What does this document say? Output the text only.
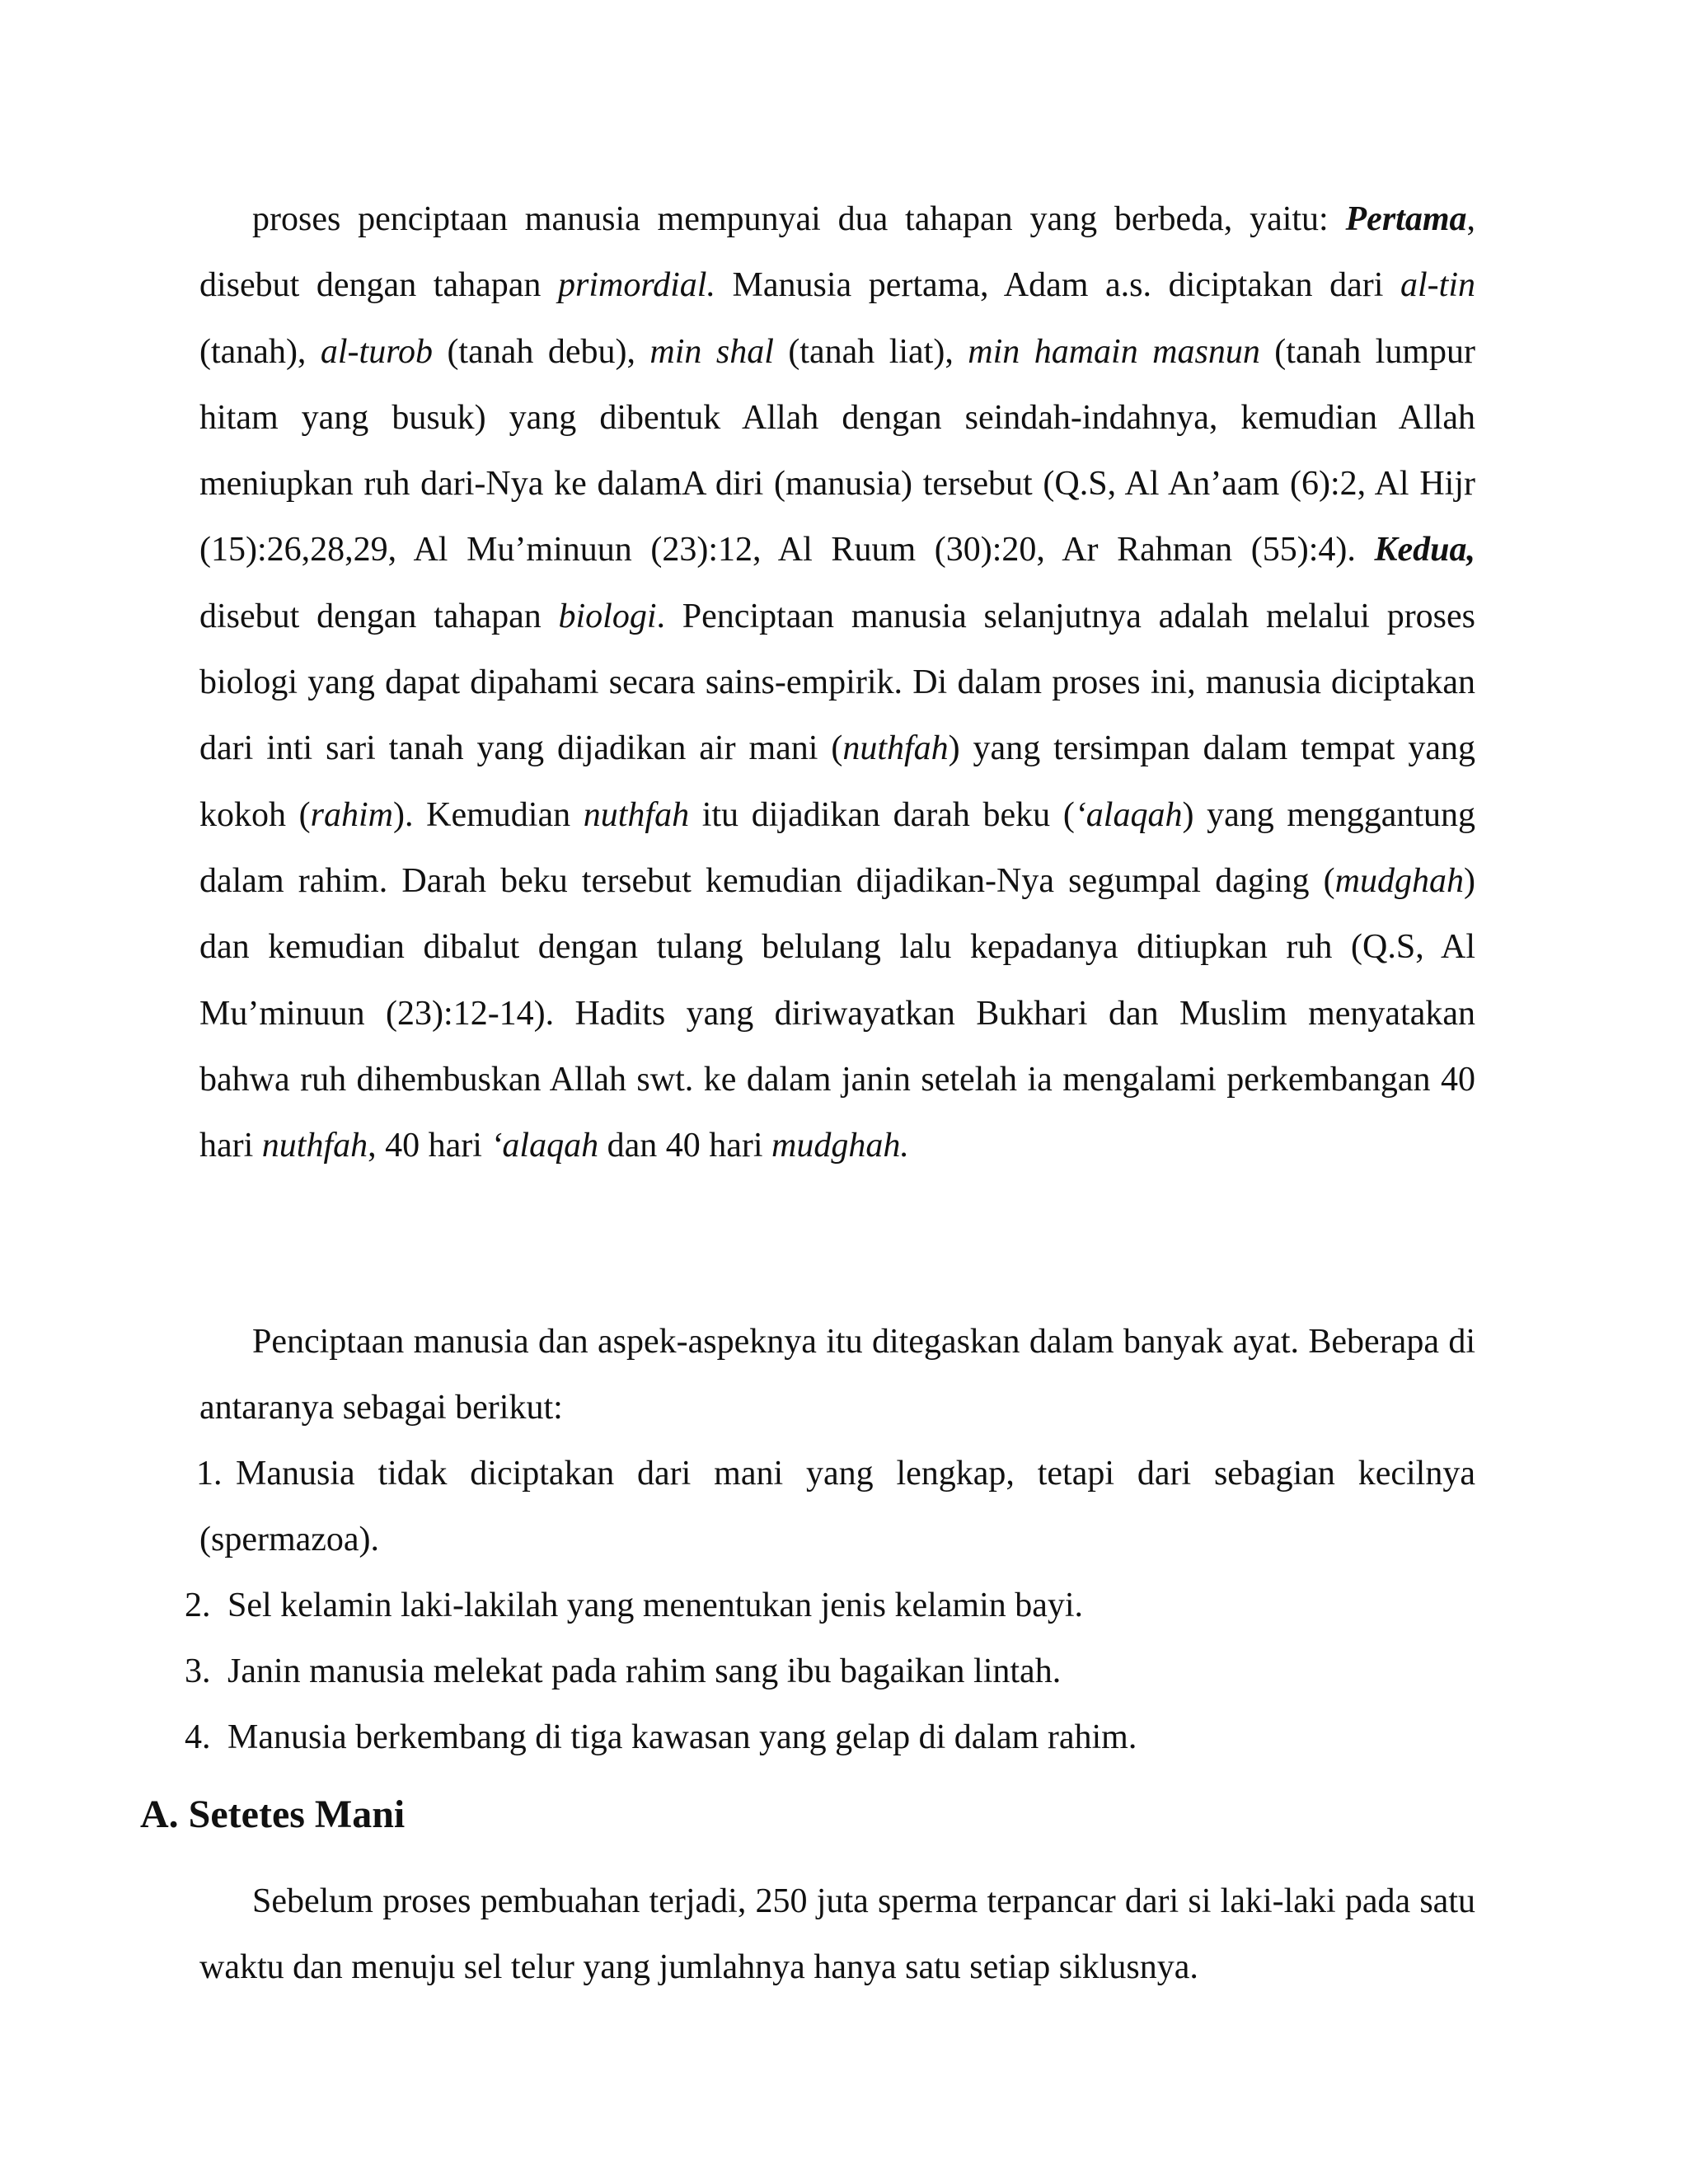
proses penciptaan manusia mempunyai dua tahapan yang berbeda, yaitu: Pertama, disebut dengan tahapan primordial. Manusia pertama, Adam a.s. diciptakan dari al-tin (tanah), al-turob (tanah debu), min shal (tanah liat), min hamain masnun (tanah lumpur hitam yang busuk) yang dibentuk Allah dengan seindah-indahnya, kemudian Allah meniupkan ruh dari-Nya ke dalamA diri (manusia) tersebut (Q.S, Al An’aam (6):2, Al Hijr (15):26,28,29, Al Mu’minuun (23):12, Al Ruum (30):20, Ar Rahman (55):4). Kedua, disebut dengan tahapan biologi. Penciptaan manusia selanjutnya adalah melalui proses biologi yang dapat dipahami secara sains-empirik. Di dalam proses ini, manusia diciptakan dari inti sari tanah yang dijadikan air mani (nuthfah) yang tersimpan dalam tempat yang kokoh (rahim). Kemudian nuthfah itu dijadikan darah beku (‘alaqah) yang menggantung dalam rahim. Darah beku tersebut kemudian dijadikan-Nya segumpal daging (mudghah) dan kemudian dibalut dengan tulang belulang lalu kepadanya ditiupkan ruh (Q.S, Al Mu’minuun (23):12-14). Hadits yang diriwayatkan Bukhari dan Muslim menyatakan bahwa ruh dihembuskan Allah swt. ke dalam janin setelah ia mengalami perkembangan 40 hari nuthfah, 40 hari ‘alaqah dan 40 hari mudghah.

Penciptaan manusia dan aspek-aspeknya itu ditegaskan dalam banyak ayat. Beberapa di antaranya sebagai berikut:

1. Manusia tidak diciptakan dari mani yang lengkap, tetapi dari sebagian kecilnya (spermazoa).
2. Sel kelamin laki-lakilah yang menentukan jenis kelamin bayi.
3. Janin manusia melekat pada rahim sang ibu bagaikan lintah.
4. Manusia berkembang di tiga kawasan yang gelap di dalam rahim.
A. Setetes Mani

Sebelum proses pembuahan terjadi, 250 juta sperma terpancar dari si laki-laki pada satu waktu dan menuju sel telur yang jumlahnya hanya satu setiap siklusnya.
